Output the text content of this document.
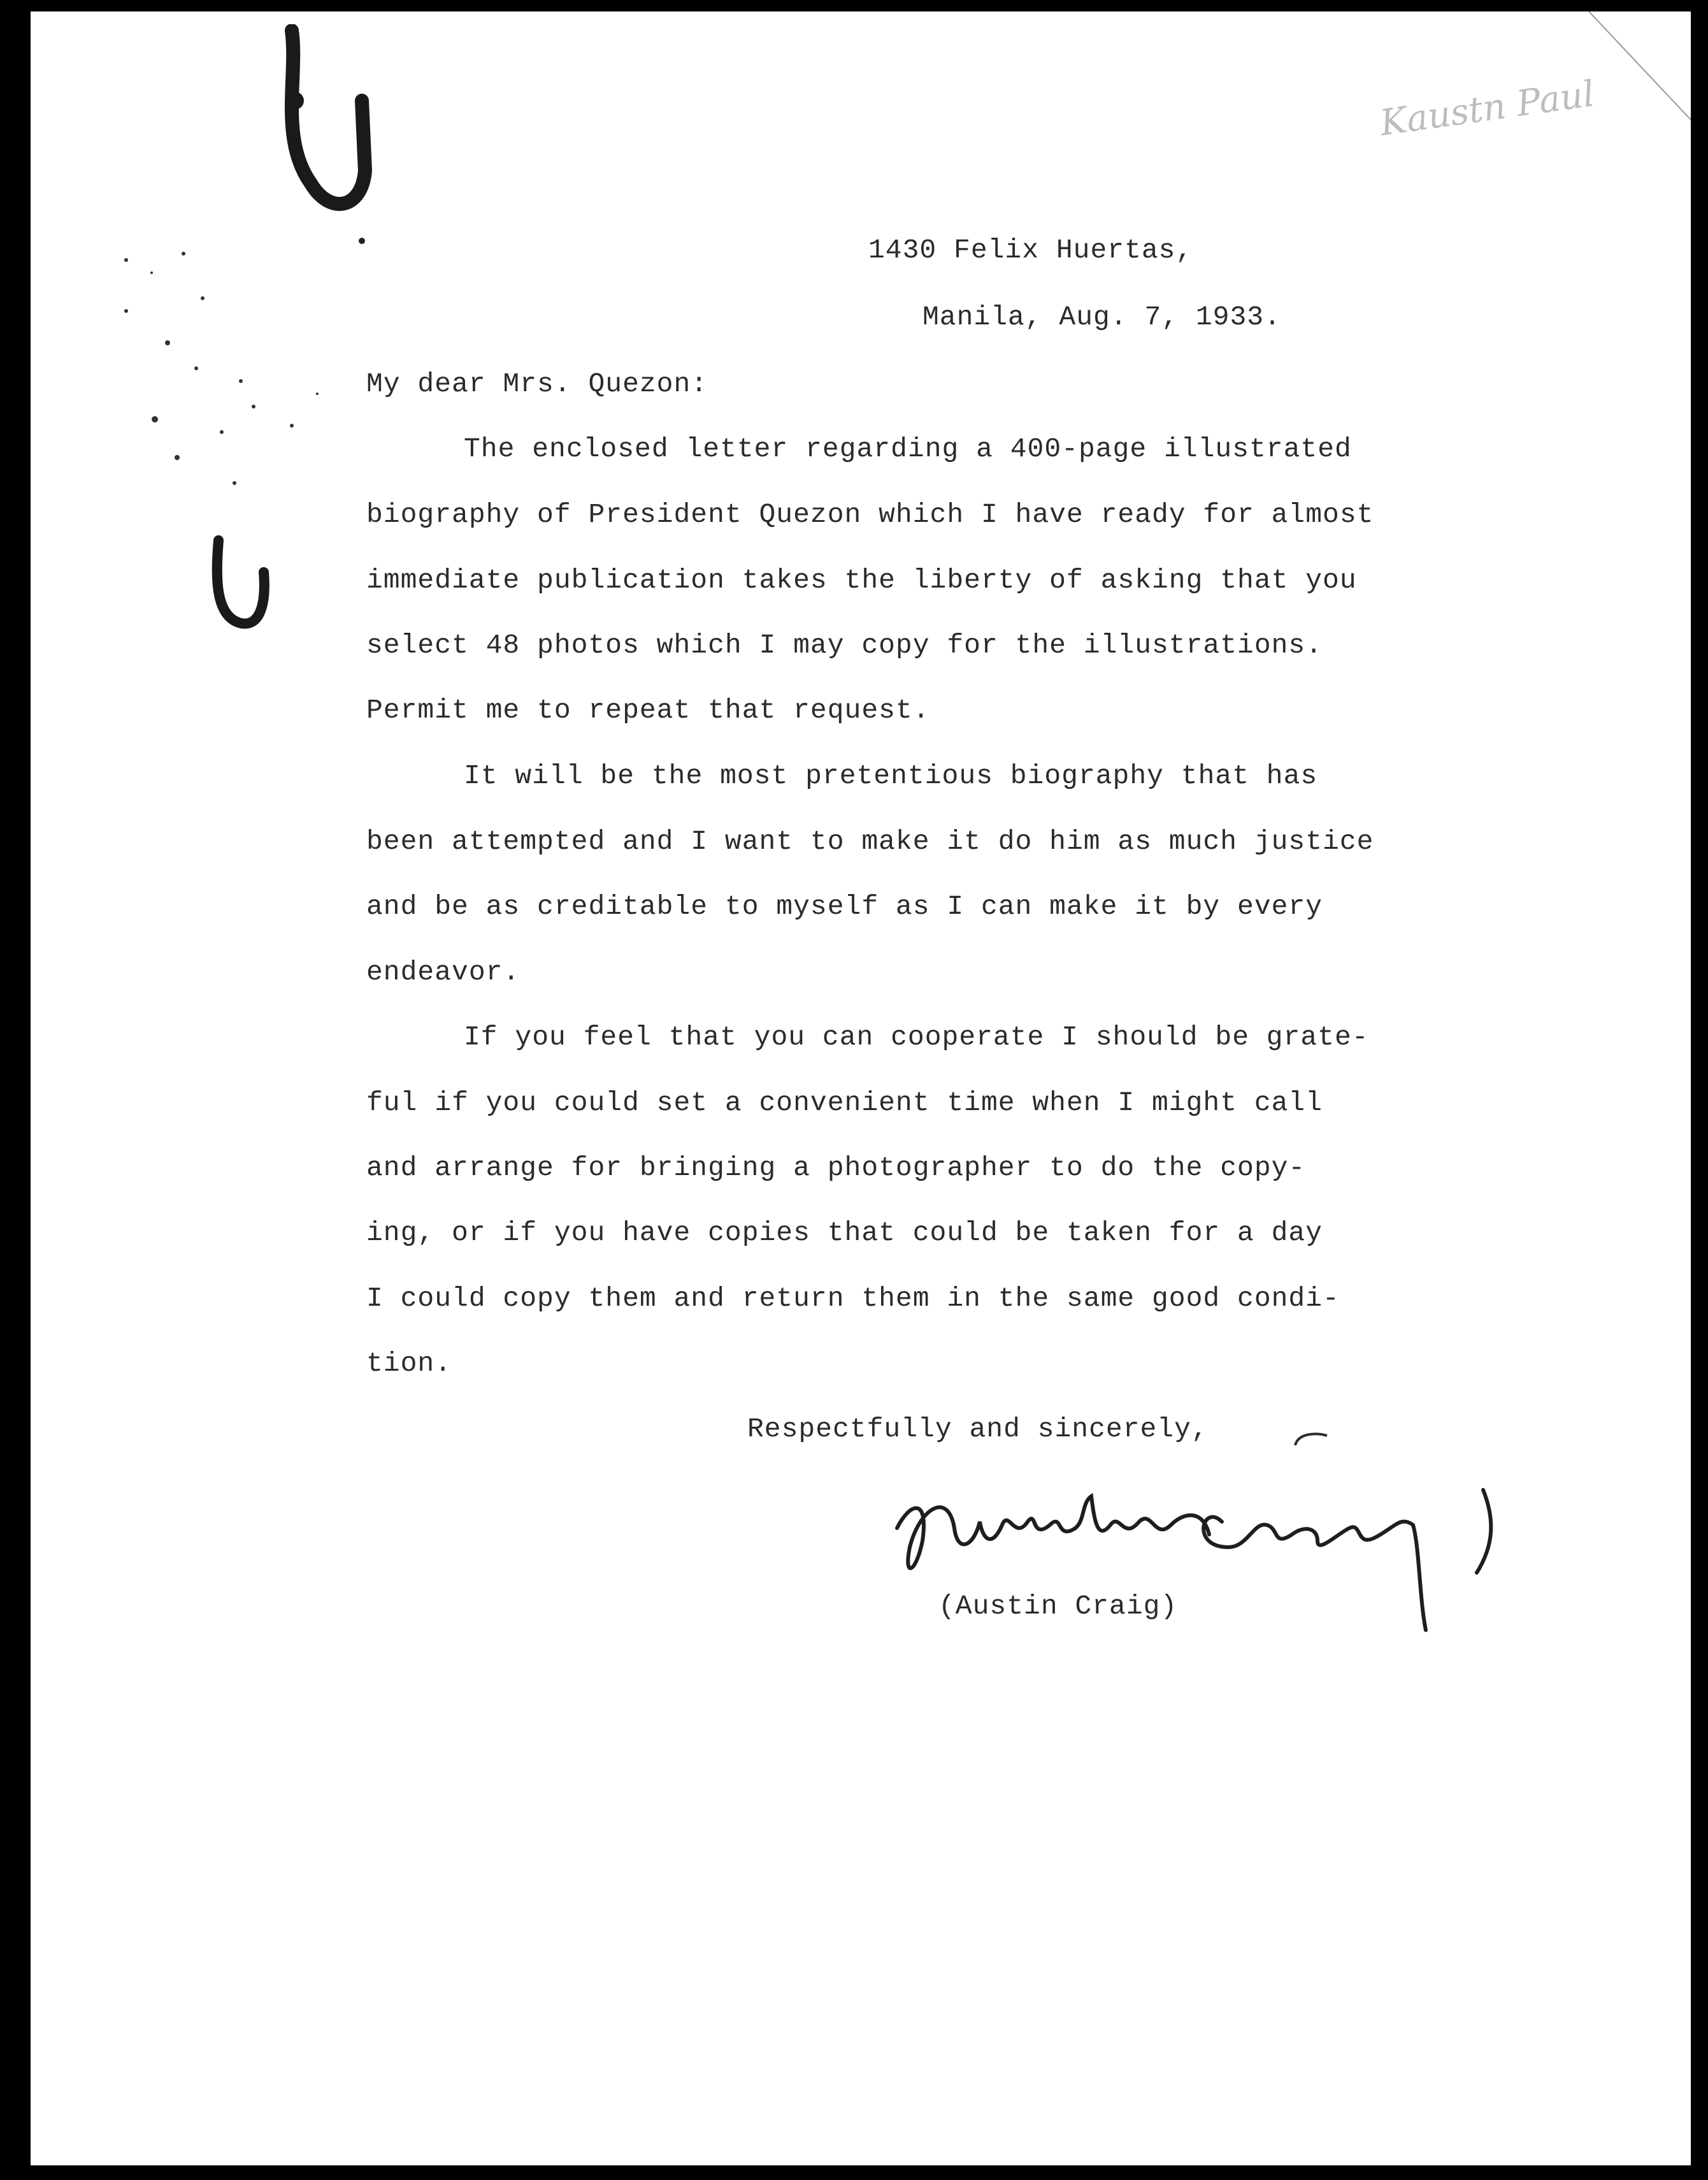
Kaustn Paul

1430 Felix Huertas,

Manila, Aug. 7, 1933.

My dear Mrs. Quezon:

The enclosed letter regarding a 400-page illustrated

biography of President Quezon which I have ready for almost

immediate publication takes the liberty of asking that you

select 48 photos which I may copy for the illustrations.

Permit me to repeat that request.

It will be the most pretentious biography that has

been attempted and I want to make it do him as much justice

and be as creditable to myself as I can make it by every

endeavor.

If you feel that you can cooperate I should be grate-

ful if you could set a convenient time when I might call

and arrange for bringing a photographer to do the copy-

ing, or if you have copies that could be taken for a day

I could copy them and return them in the same good condi-

tion.

Respectfully and sincerely,

(Austin Craig)
